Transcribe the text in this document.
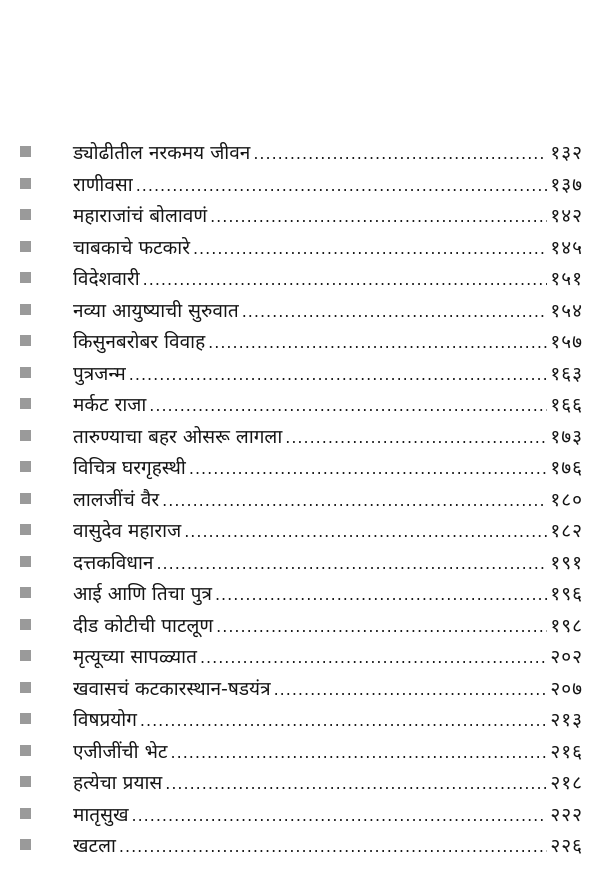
ड्योढीतील नरकमय जीवन .....	१३२
राणीवसा .....	१३७
महाराजांचं बोलावणं .....	१४२
चाबकाचे फटकारे .....	१४५
विदेशवारी .....	१५१
नव्या आयुष्याची सुरुवात .....	१५४
किसुनबरोबर विवाह .....	१५७
पुत्रजन्म .....	१६३
मर्कट राजा .....	१६६
तारुण्याचा बहर ओसरू लागला .....	१७३
विचित्र घरगृहस्थी .....	१७६
लालजींचं वैर .....	१८०
वासुदेव महाराज .....	१८२
दत्तकविधान .....	१९१
आई आणि तिचा पुत्र .....	१९६
दीड कोटीची पाटलूण .....	१९८
मृत्यूच्या सापळ्यात .....	२०२
खवासचं कटकारस्थान-षडयंत्र .....	२०७
विषप्रयोग .....	२१३
एजीजींची भेट .....	२१६
हत्येचा प्रयास .....	२१८
मातृसुख .....	२२२
खटला .....	२२६
